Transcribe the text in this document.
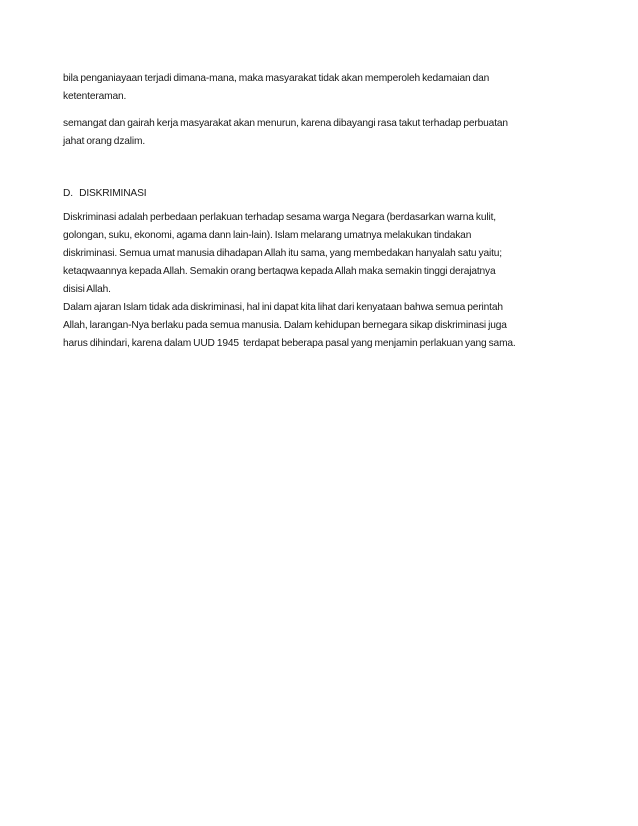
bila penganiayaan terjadi dimana-mana, maka masyarakat tidak akan memperoleh kedamaian dan
ketenteraman.

semangat dan gairah kerja masyarakat akan menurun, karena dibayangi rasa takut terhadap perbuatan
jahat orang dzalim.

D.   DISKRIMINASI

Diskriminasi adalah perbedaan perlakuan terhadap sesama warga Negara (berdasarkan warna kulit,
golongan, suku, ekonomi, agama dann lain-lain). Islam melarang umatnya melakukan tindakan
diskriminasi. Semua umat manusia dihadapan Allah itu sama, yang membedakan hanyalah satu yaitu;
ketaqwaannya kepada Allah. Semakin orang bertaqwa kepada Allah maka semakin tinggi derajatnya
disisi Allah.

Dalam ajaran Islam tidak ada diskriminasi, hal ini dapat kita lihat dari kenyataan bahwa semua perintah
Allah, larangan-Nya berlaku pada semua manusia. Dalam kehidupan bernegara sikap diskriminasi juga
harus dihindari, karena dalam UUD 1945  terdapat beberapa pasal yang menjamin perlakuan yang sama.
